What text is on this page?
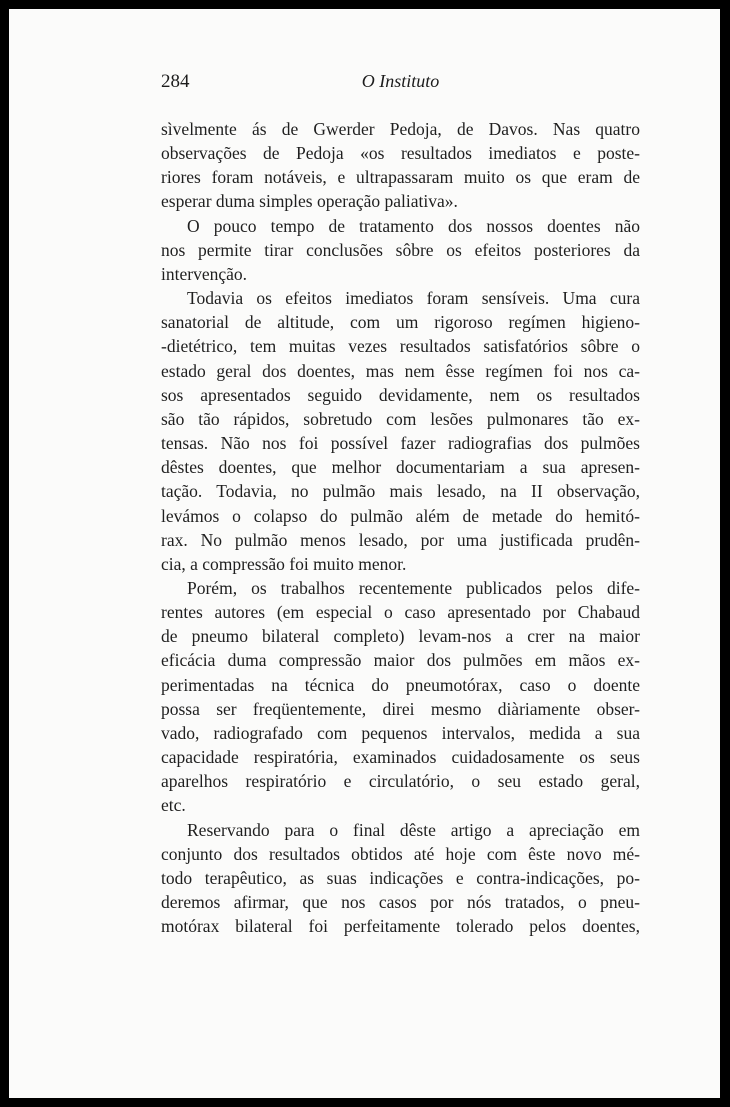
284	O Instituto
sìvelmente ás de Gwerder Pedoja, de Davos. Nas quatro
observações de Pedoja «os resultados imediatos e poste-
riores foram notáveis, e ultrapassaram muito os que eram de
esperar duma simples operação paliativa».
O pouco tempo de tratamento dos nossos doentes não
nos permite tirar conclusões sôbre os efeitos posteriores da
intervenção.
Todavia os efeitos imediatos foram sensíveis. Uma cura
sanatorial de altitude, com um rigoroso regímen higieno-
-dietétrico, tem muitas vezes resultados satisfatórios sôbre o
estado geral dos doentes, mas nem êsse regímen foi nos ca-
sos apresentados seguido devidamente, nem os resultados
são tão rápidos, sobretudo com lesões pulmonares tão ex-
tensas. Não nos foi possível fazer radiografias dos pulmões
dêstes doentes, que melhor documentariam a sua apresen-
tação. Todavia, no pulmão mais lesado, na II observação,
levámos o colapso do pulmão além de metade do hemitó-
rax. No pulmão menos lesado, por uma justificada prudên-
cia, a compressão foi muito menor.
Porém, os trabalhos recentemente publicados pelos dife-
rentes autores (em especial o caso apresentado por Chabaud
de pneumo bilateral completo) levam-nos a crer na maior
eficácia duma compressão maior dos pulmões em mãos ex-
perimentadas na técnica do pneumotórax, caso o doente
possa ser freqüentemente, direi mesmo diàriamente obser-
vado, radiografado com pequenos intervalos, medida a sua
capacidade respiratória, examinados cuidadosamente os seus
aparelhos respiratório e circulatório, o seu estado geral,
etc.
Reservando para o final dêste artigo a apreciação em
conjunto dos resultados obtidos até hoje com êste novo mé-
todo terapêutico, as suas indicações e contra-indicações, po-
deremos afirmar, que nos casos por nós tratados, o pneu-
motórax bilateral foi perfeitamente tolerado pelos doentes,
